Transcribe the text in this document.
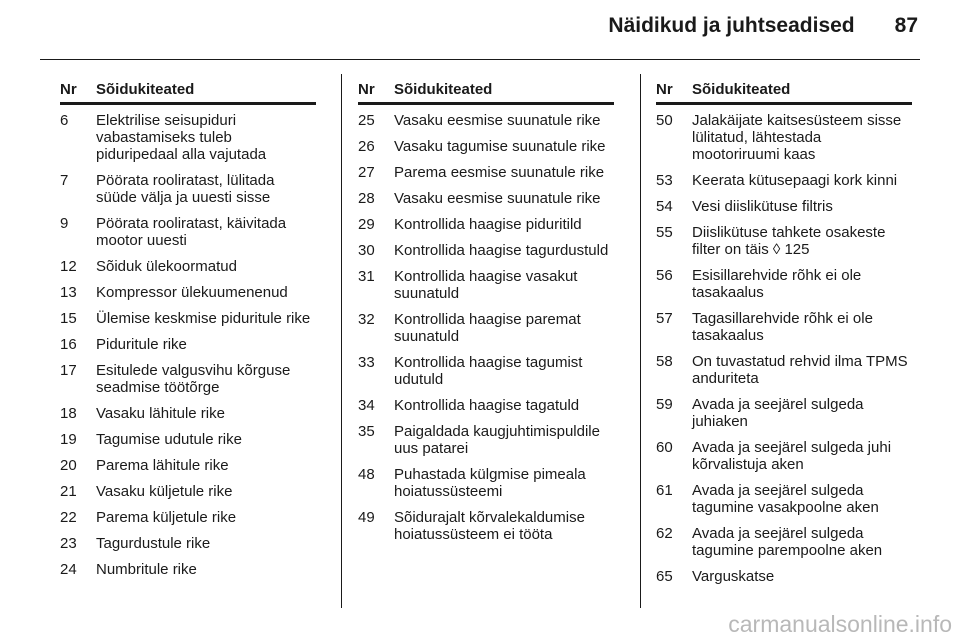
Näidikud ja juhtseadised 87
Nr	Sõidukiteated
6	Elektrilise seisupiduri vabastamiseks tuleb piduripedaal alla vajutada
7	Pöörata rooliratast, lülitada süüde välja ja uuesti sisse
9	Pöörata rooliratast, käivitada mootor uuesti
12	Sõiduk ülekoormatud
13	Kompressor ülekuumenenud
15	Ülemise keskmise piduritule rike
16	Piduritule rike
17	Esitulede valgusvihu kõrguse seadmise töötõrge
18	Vasaku lähitule rike
19	Tagumise udutule rike
20	Parema lähitule rike
21	Vasaku küljetule rike
22	Parema küljetule rike
23	Tagurdustule rike
24	Numbritule rike
Nr	Sõidukiteated
25	Vasaku eesmise suunatule rike
26	Vasaku tagumise suunatule rike
27	Parema eesmise suunatule rike
28	Vasaku eesmise suunatule rike
29	Kontrollida haagise piduritild
30	Kontrollida haagise tagurdustuld
31	Kontrollida haagise vasakut suunatuld
32	Kontrollida haagise paremat suunatuld
33	Kontrollida haagise tagumist udutuld
34	Kontrollida haagise tagatuld
35	Paigaldada kaugjuhtimispuldile uus patarei
48	Puhastada külgmise pimeala hoiatussüsteemi
49	Sõidurajalt kõrvalekaldumise hoiatussüsteem ei tööta
Nr	Sõidukiteated
50	Jalakäijate kaitsesüsteem sisse lülitatud, lähtestada mootoriruumi kaas
53	Keerata kütusepaagi kork kinni
54	Vesi diislikütuse filtris
55	Diislikütuse tahkete osakeste filter on täis ◊ 125
56	Esisillarehvide rõhk ei ole tasakaalus
57	Tagasillarehvide rõhk ei ole tasakaalus
58	On tuvastatud rehvid ilma TPMS anduriteta
59	Avada ja seejärel sulgeda juhiaken
60	Avada ja seejärel sulgeda juhi kõrvalistuja aken
61	Avada ja seejärel sulgeda tagumine vasakpoolne aken
62	Avada ja seejärel sulgeda tagumine parempoolne aken
65	Varguskatse
carmanualsonline.info
